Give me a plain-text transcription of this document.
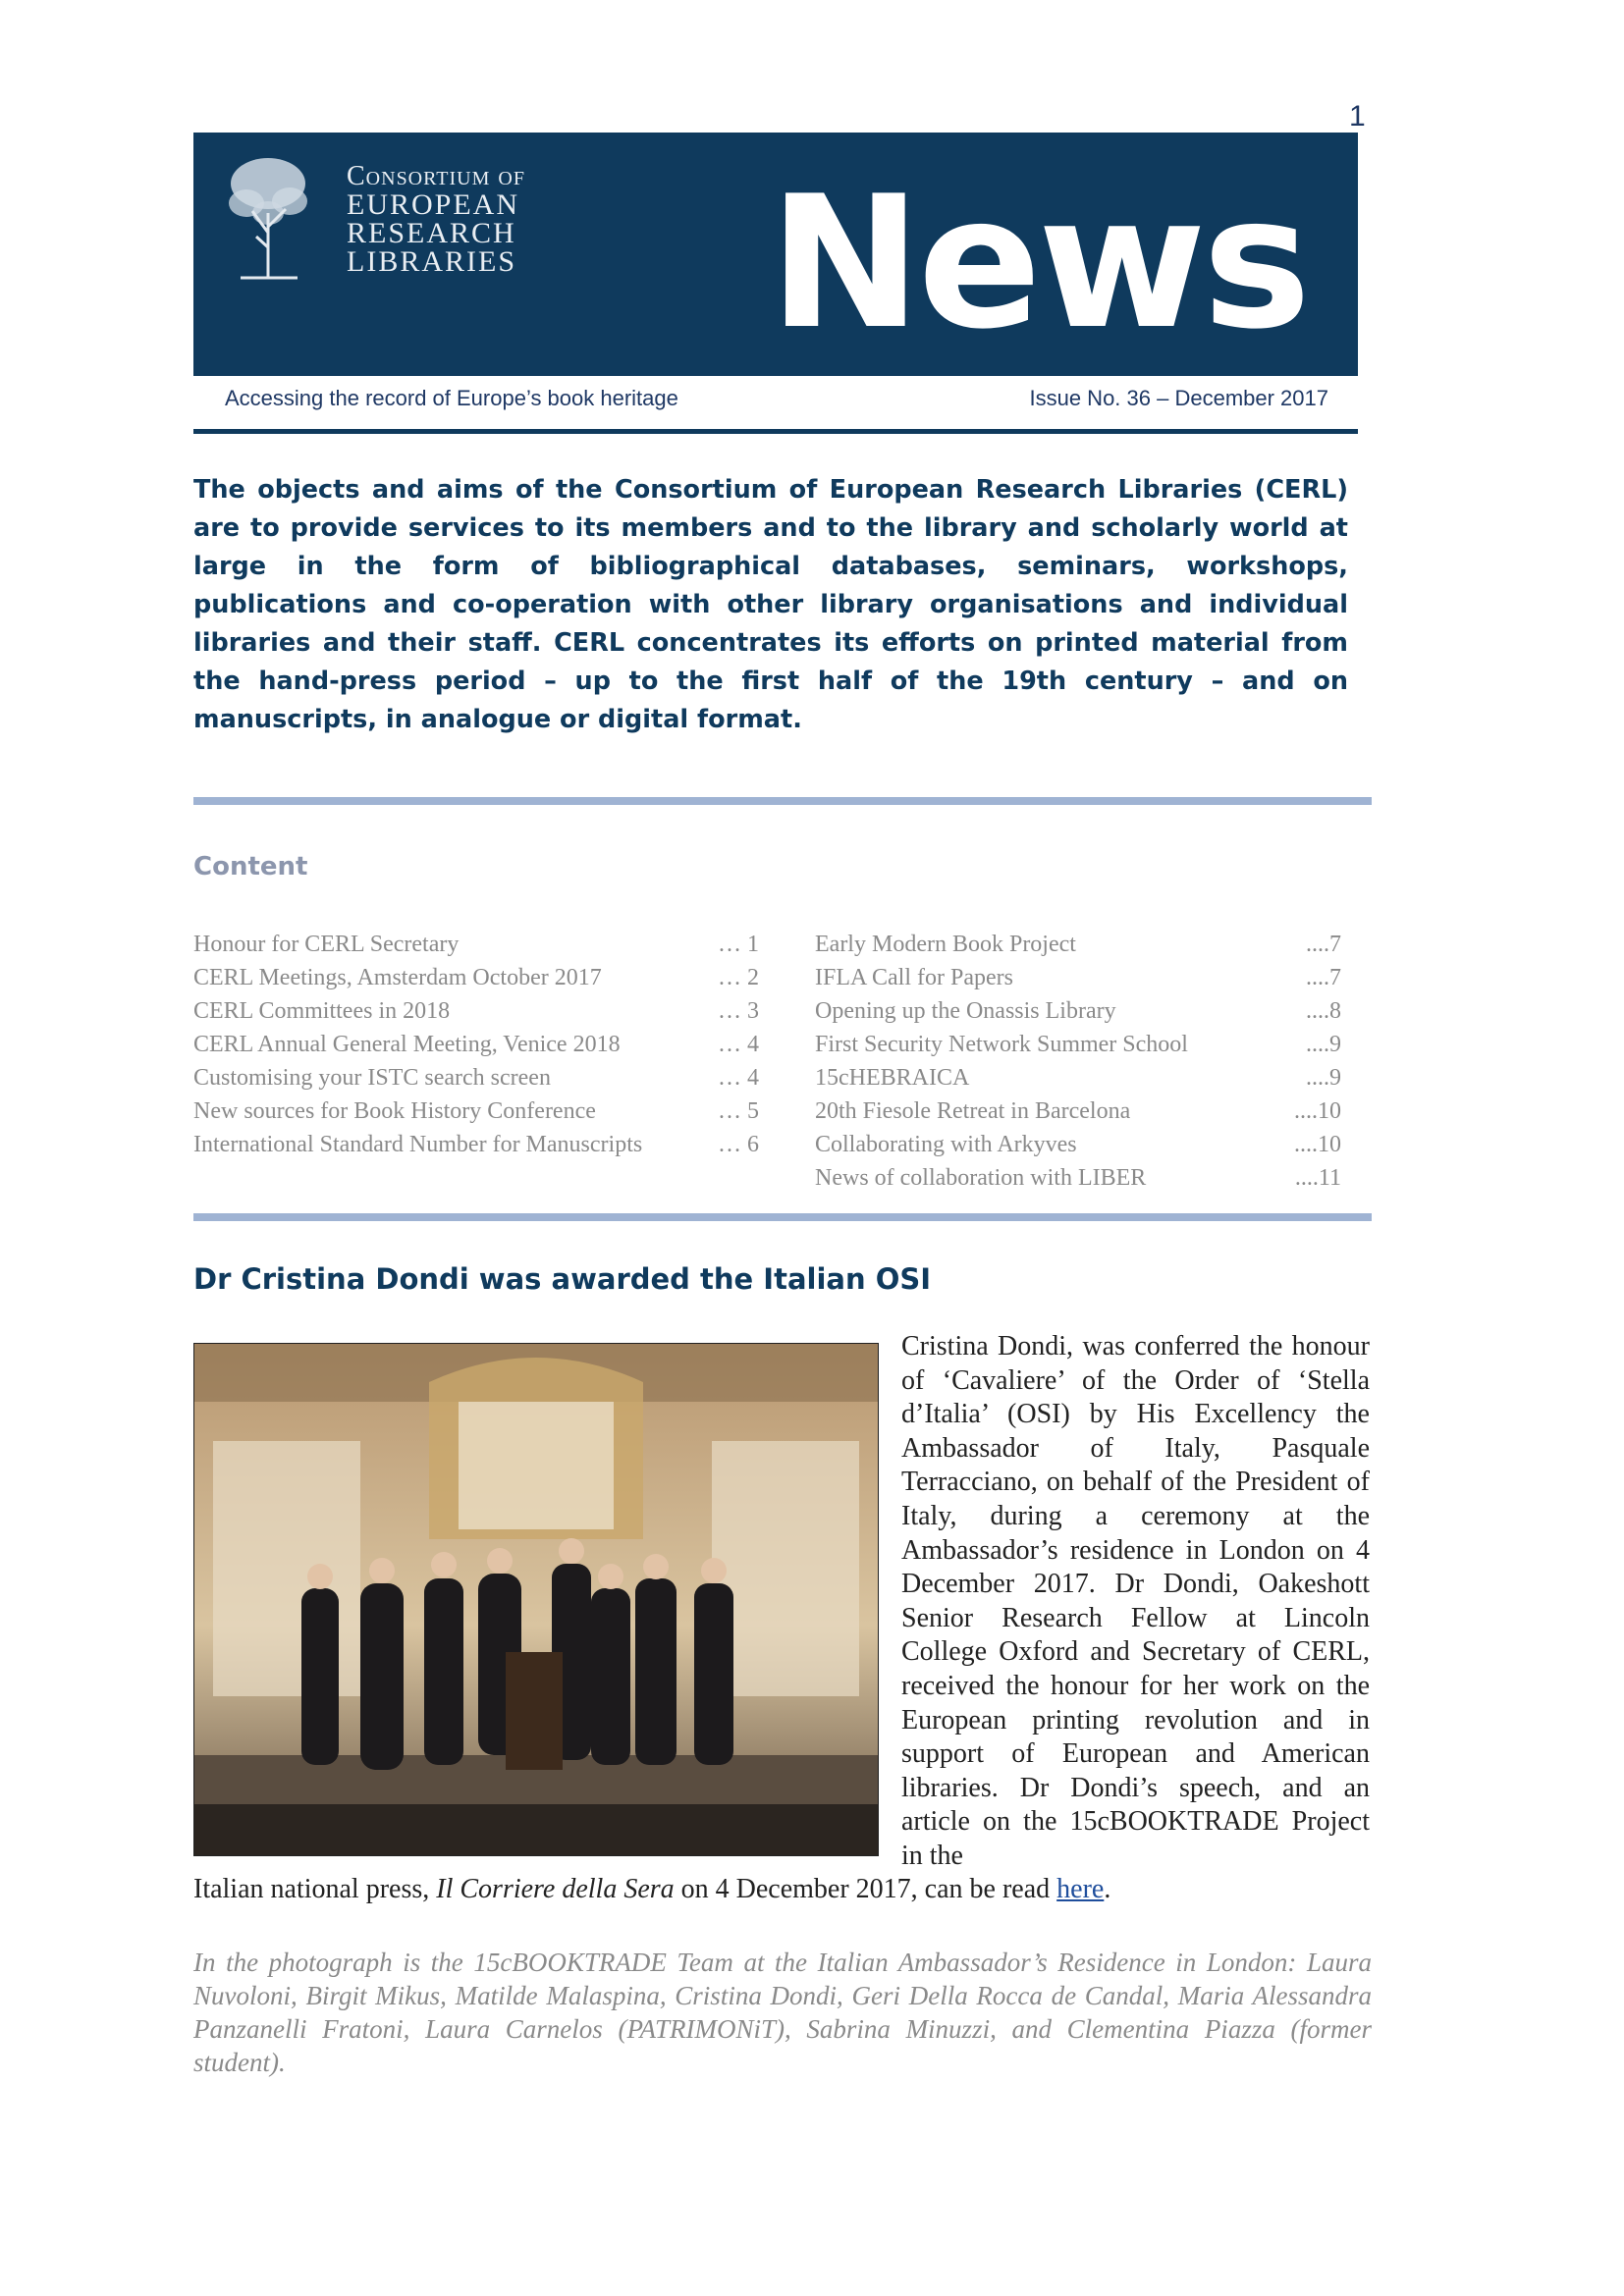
1
Consortium of
EUROPEAN
RESEARCH
LIBRARIES News
Accessing the record of Europe’s book heritage	Issue No. 36 – December 2017
The objects and aims of the Consortium of European Research Libraries (CERL) are to provide services to its members and to the library and scholarly world at large in the form of bibliographical databases, seminars, workshops, publications and co-operation with other library organisations and individual libraries and their staff. CERL concentrates its efforts on printed material from the hand-press period – up to the first half of the 19th century – and on manuscripts, in analogue or digital format.
Content
Honour for CERL Secretary	… 1
CERL Meetings, Amsterdam October 2017	… 2
CERL Committees in 2018	… 3
CERL Annual General Meeting, Venice 2018	… 4
Customising your ISTC search screen	… 4
New sources for Book History Conference	… 5
International Standard Number for Manuscripts	… 6
Early Modern Book Project	....7
IFLA Call for Papers	....7
Opening up the Onassis Library	....8
First Security Network Summer School	....9
15cHEBRAICA	....9
20th Fiesole Retreat in Barcelona	....10
Collaborating with Arkyves	....10
News of collaboration with LIBER	....11
Dr Cristina Dondi was awarded the Italian OSI
Cristina Dondi, was conferred the honour of ‘Cavaliere’ of the Order of ‘Stella d’Italia’ (OSI) by His Excellency the Ambassador of Italy, Pasquale Terracciano, on behalf of the President of Italy, during a ceremony at the Ambassador’s residence in London on 4 December 2017. Dr Dondi, Oakeshott Senior Research Fellow at Lincoln College Oxford and Secretary of CERL, received the honour for her work on the European printing revolution and in support of European and American libraries. Dr Dondi’s speech, and an article on the 15cBOOKTRADE Project in the
Italian national press, Il Corriere della Sera on 4 December 2017, can be read here.
In the photograph is the 15cBOOKTRADE Team at the Italian Ambassador’s Residence in London: Laura Nuvoloni, Birgit Mikus, Matilde Malaspina, Cristina Dondi, Geri Della Rocca de Candal, Maria Alessandra Panzanelli Fratoni, Laura Carnelos (PATRIMONiT), Sabrina Minuzzi, and Clementina Piazza (former student).
